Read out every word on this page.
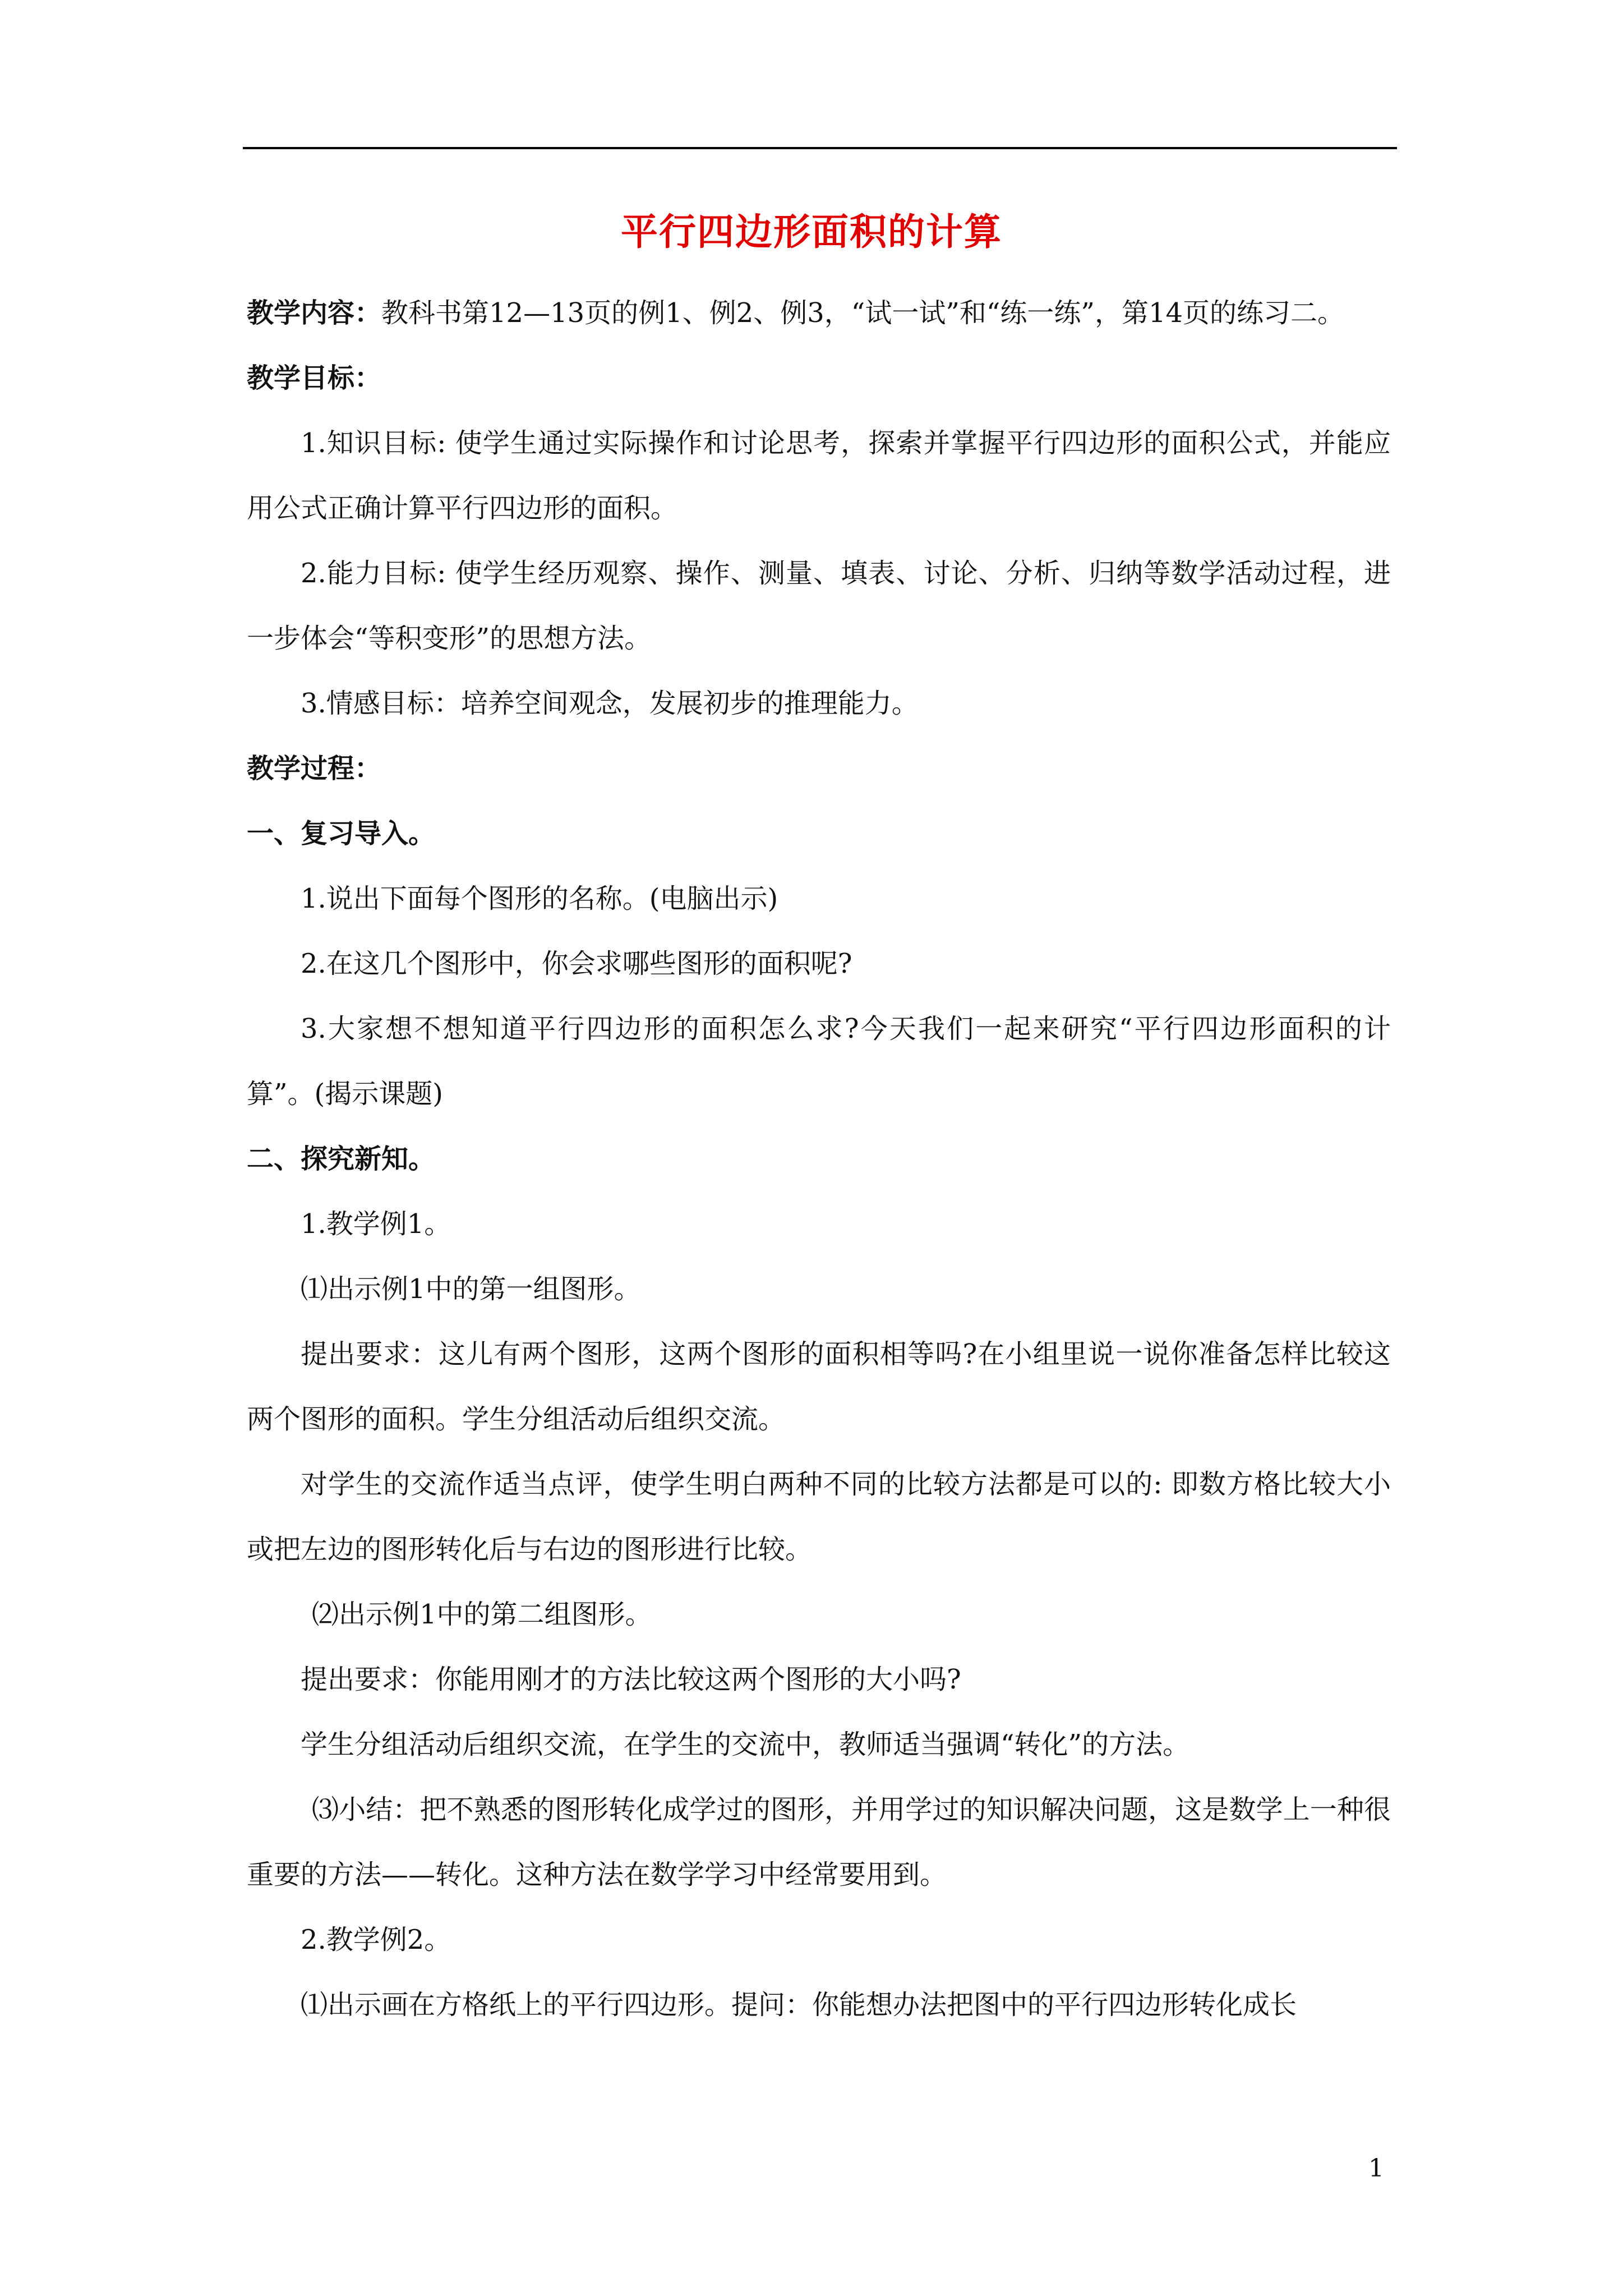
平行四边形面积的计算

教学内容：教科书第12—13页的例1、例2、例3，“试一试”和“练一练”，第14页的练习二。

教学目标：

1.知识目标: 使学生通过实际操作和讨论思考，探索并掌握平行四边形的面积公式，并能应用公式正确计算平行四边形的面积。

2.能力目标: 使学生经历观察、操作、测量、填表、讨论、分析、归纳等数学活动过程，进一步体会“等积变形”的思想方法。

3.情感目标：培养空间观念，发展初步的推理能力。

教学过程：

一、复习导入。

1.说出下面每个图形的名称。(电脑出示)

2.在这几个图形中，你会求哪些图形的面积呢?

3.大家想不想知道平行四边形的面积怎么求?今天我们一起来研究“平行四边形面积的计算”。(揭示课题)

二、探究新知。

1.教学例1。

⑴出示例1中的第一组图形。

提出要求：这儿有两个图形，这两个图形的面积相等吗?在小组里说一说你准备怎样比较这两个图形的面积。学生分组活动后组织交流。

对学生的交流作适当点评，使学生明白两种不同的比较方法都是可以的: 即数方格比较大小或把左边的图形转化后与右边的图形进行比较。

⑵出示例1中的第二组图形。

提出要求：你能用刚才的方法比较这两个图形的大小吗?

学生分组活动后组织交流，在学生的交流中，教师适当强调“转化”的方法。

⑶小结：把不熟悉的图形转化成学过的图形，并用学过的知识解决问题，这是数学上一种很重要的方法——转化。这种方法在数学学习中经常要用到。

2.教学例2。

⑴出示画在方格纸上的平行四边形。提问：你能想办法把图中的平行四边形转化成长

1
